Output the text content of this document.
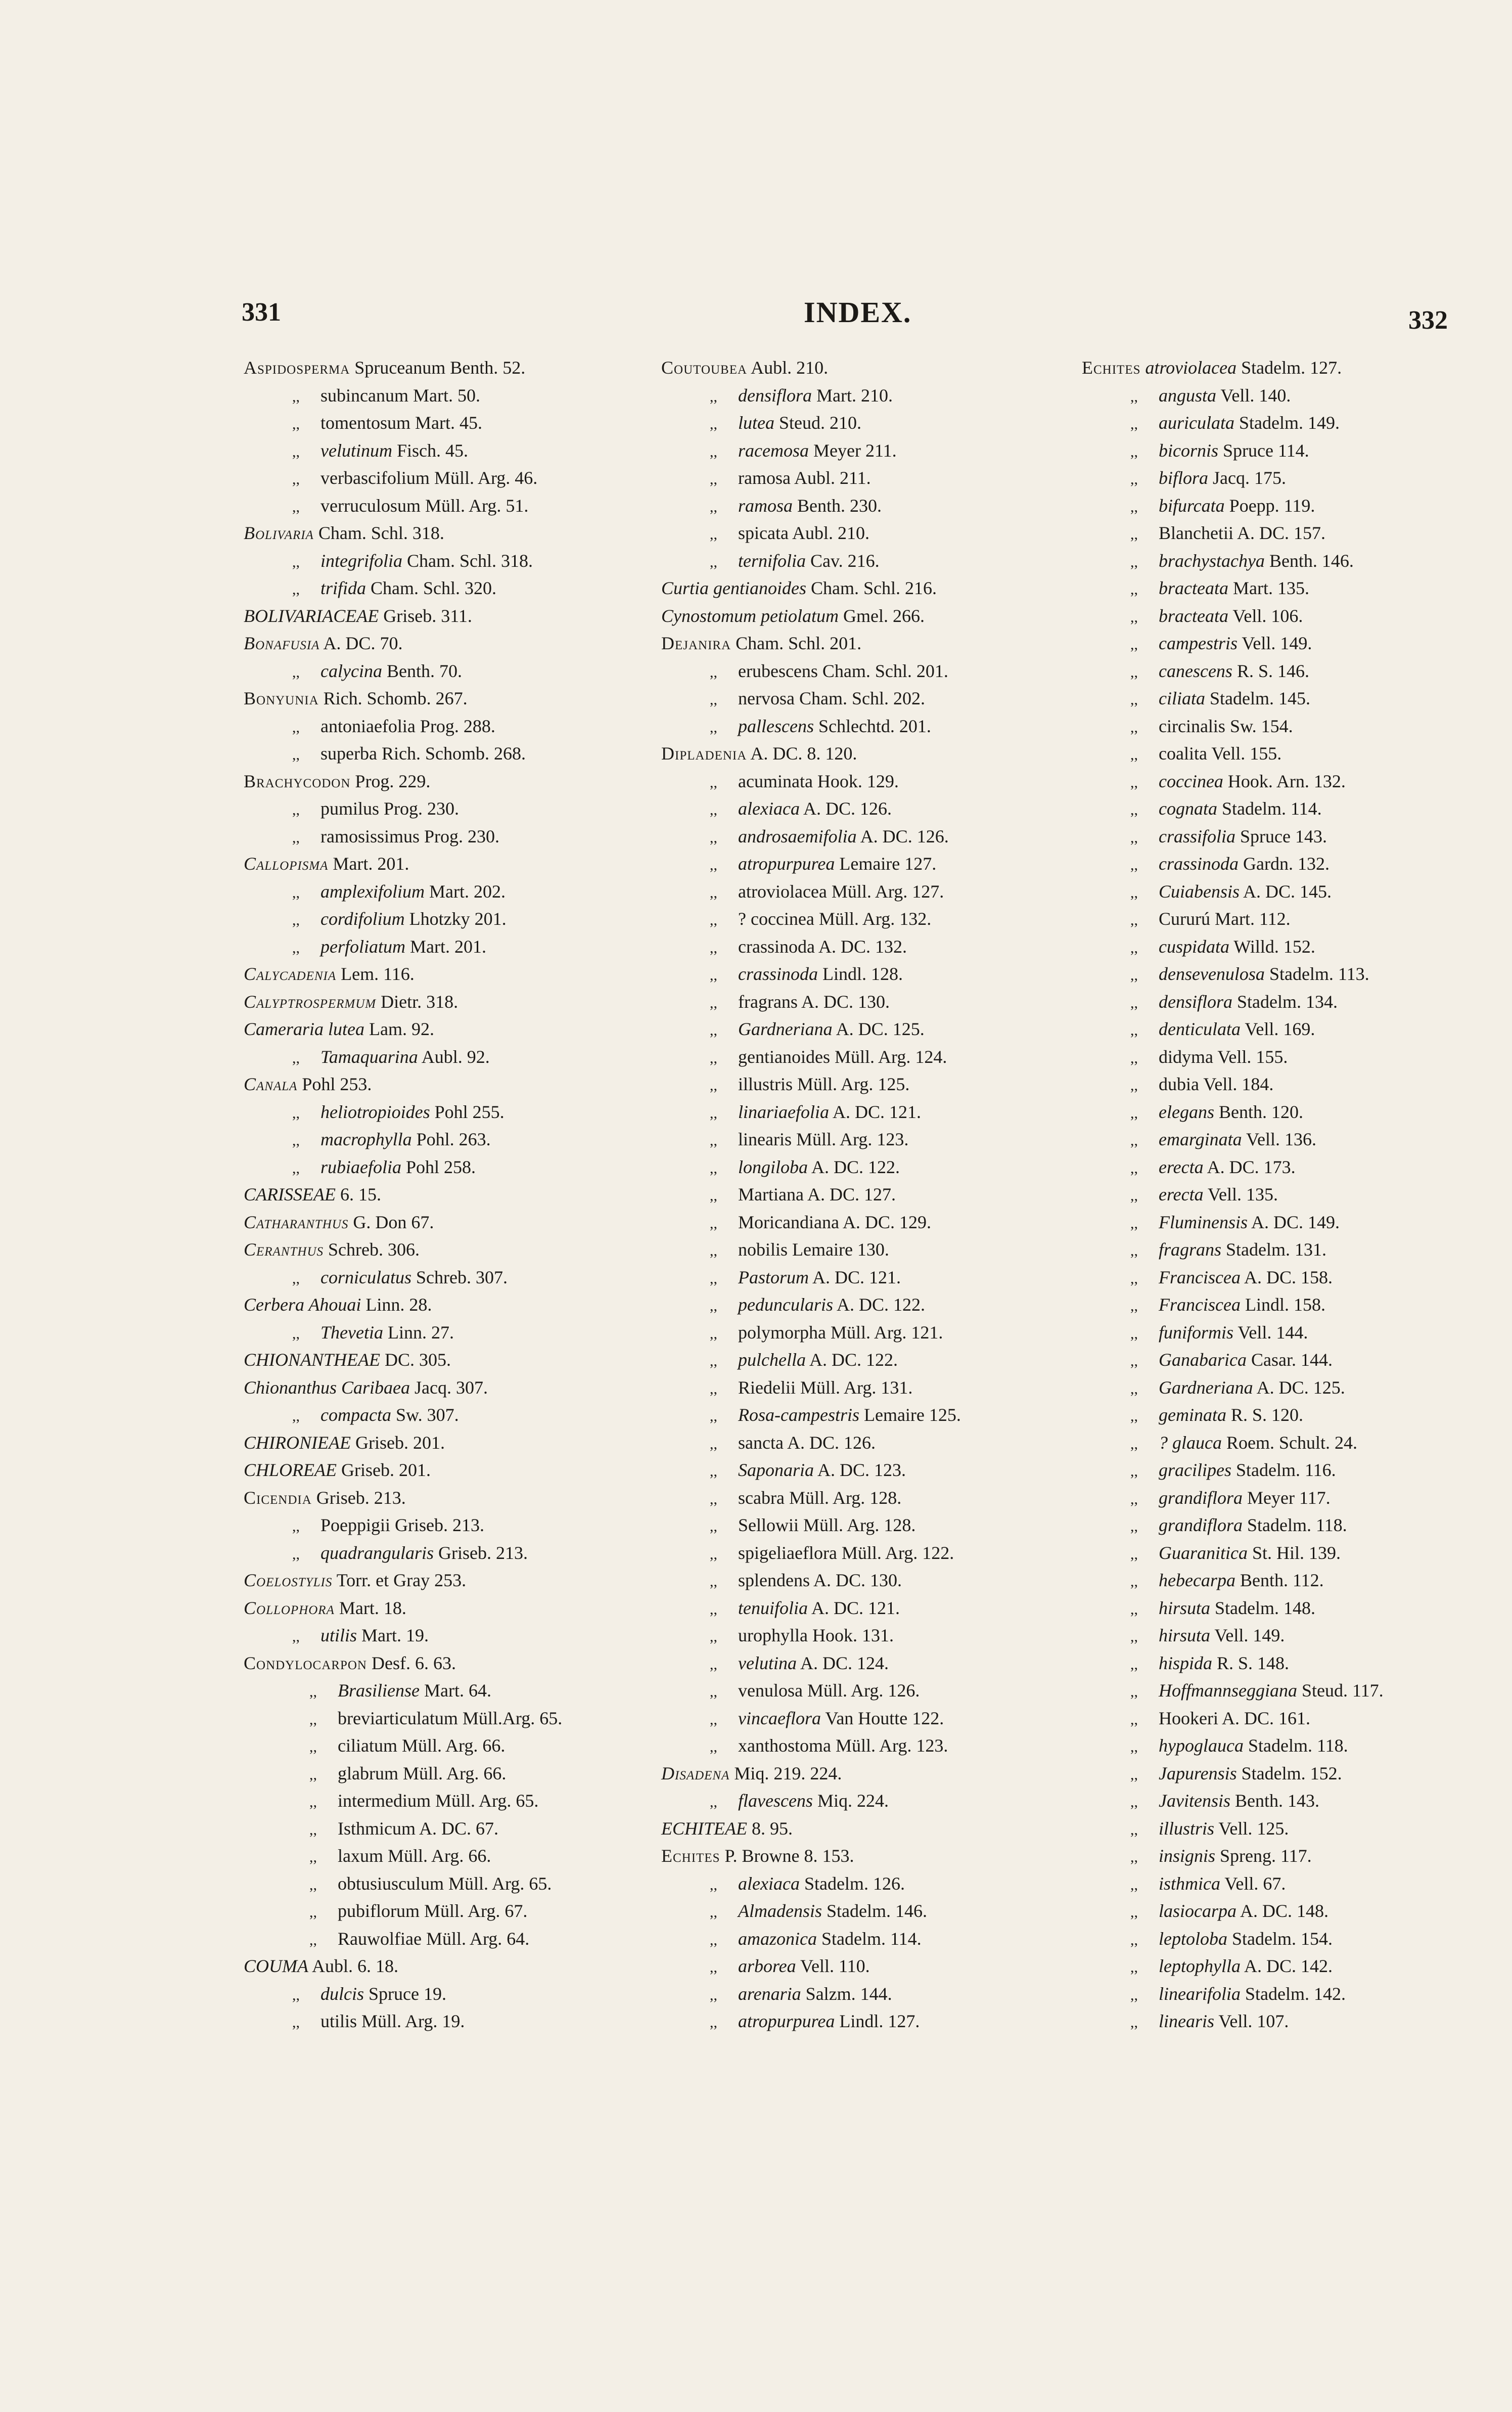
331	INDEX.	332
Aspidosperma Spruceanum Benth. 52.
,, subincanum Mart. 50.
,, tomentosum Mart. 45.
,, velutinum Fisch. 45.
,, verbascifolium Müll. Arg. 46.
,, verruculosum Müll. Arg. 51.
Bolivaria Cham. Schl. 318.
,, integrifolia Cham. Schl. 318.
,, trifida Cham. Schl. 320.
BOLIVARIACEAE Griseb. 311.
Bonafusia A. DC. 70.
,, calycina Benth. 70.
Bonyunia Rich. Schomb. 267.
,, antoniaefolia Prog. 288.
,, superba Rich. Schomb. 268.
Brachycodon Prog. 229.
,, pumilus Prog. 230.
,, ramosissimus Prog. 230.
Callopisma Mart. 201.
,, amplexifolium Mart. 202.
,, cordifolium Lhotzky 201.
,, perfoliatum Mart. 201.
Calycadenia Lem. 116.
Calyptrospermum Dietr. 318.
Cameraria lutea Lam. 92.
,, Tamaquarina Aubl. 92.
Canala Pohl 253.
,, heliotropioides Pohl 255.
,, macrophylla Pohl. 263.
,, rubiaefolia Pohl 258.
CARISSEAE 6. 15.
Catharanthus G. Don 67.
Ceranthus Schreb. 306.
,, corniculatus Schreb. 307.
Cerbera Ahouai Linn. 28.
,, Thevetia Linn. 27.
CHIONANTHEAE DC. 305.
Chionanthus Caribaea Jacq. 307.
,, compacta Sw. 307.
CHIRONIEAE Griseb. 201.
CHLOREAE Griseb. 201.
Cicendia Griseb. 213.
,, Poeppigii Griseb. 213.
,, quadrangularis Griseb. 213.
Coelostylis Torr. et Gray 253.
Collophora Mart. 18.
,, utilis Mart. 19.
Condylocarpon Desf. 6. 63.
,, Brasiliense Mart. 64.
,, breviarticulatum Müll.Arg. 65.
,, ciliatum Müll. Arg. 66.
,, glabrum Müll. Arg. 66.
,, intermedium Müll. Arg. 65.
,, Isthmicum A. DC. 67.
,, laxum Müll. Arg. 66.
,, obtusiusculum Müll. Arg. 65.
,, pubiflorum Müll. Arg. 67.
,, Rauwolfiae Müll. Arg. 64.
COUMA Aubl. 6. 18.
,, dulcis Spruce 19.
,, utilis Müll. Arg. 19.
Coutoubea Aubl. 210.
,, densiflora Mart. 210.
,, lutea Steud. 210.
,, racemosa Meyer 211.
,, ramosa Aubl. 211.
,, ramosa Benth. 230.
,, spicata Aubl. 210.
,, ternifolia Cav. 216.
Curtia gentianoides Cham. Schl. 216.
Cynostomum petiolatum Gmel. 266.
Dejanira Cham. Schl. 201.
,, erubescens Cham. Schl. 201.
,, nervosa Cham. Schl. 202.
,, pallescens Schlechtd. 201.
Dipladenia A. DC. 8. 120.
,, acuminata Hook. 129.
,, alexiaca A. DC. 126.
,, androsaemifolia A. DC. 126.
,, atropurpurea Lemaire 127.
,, atroviolacea Müll. Arg. 127.
,, ? coccinea Müll. Arg. 132.
,, crassinoda A. DC. 132.
,, crassinoda Lindl. 128.
,, fragrans A. DC. 130.
,, Gardneriana A. DC. 125.
,, gentianoides Müll. Arg. 124.
,, illustris Müll. Arg. 125.
,, linariaefolia A. DC. 121.
,, linearis Müll. Arg. 123.
,, longiloba A. DC. 122.
,, Martiana A. DC. 127.
,, Moricandiana A. DC. 129.
,, nobilis Lemaire 130.
,, Pastorum A. DC. 121.
,, peduncularis A. DC. 122.
,, polymorpha Müll. Arg. 121.
,, pulchella A. DC. 122.
,, Riedelii Müll. Arg. 131.
,, Rosa-campestris Lemaire 125.
,, sancta A. DC. 126.
,, Saponaria A. DC. 123.
,, scabra Müll. Arg. 128.
,, Sellowii Müll. Arg. 128.
,, spigeliaeflora Müll. Arg. 122.
,, splendens A. DC. 130.
,, tenuifolia A. DC. 121.
,, urophylla Hook. 131.
,, velutina A. DC. 124.
,, venulosa Müll. Arg. 126.
,, vincaeflora Van Houtte 122.
,, xanthostoma Müll. Arg. 123.
Disadena Miq. 219. 224.
,, flavescens Miq. 224.
ECHITEAE 8. 95.
Echites P. Browne 8. 153.
,, alexiaca Stadelm. 126.
,, Almadensis Stadelm. 146.
,, amazonica Stadelm. 114.
,, arborea Vell. 110.
,, arenaria Salzm. 144.
,, atropurpurea Lindl. 127.
Echites atroviolacea Stadelm. 127.
,, angusta Vell. 140.
,, auriculata Stadelm. 149.
,, bicornis Spruce 114.
,, biflora Jacq. 175.
,, bifurcata Poepp. 119.
,, Blanchetii A. DC. 157.
,, brachystachya Benth. 146.
,, bracteata Mart. 135.
,, bracteata Vell. 106.
,, campestris Vell. 149.
,, canescens R. S. 146.
,, ciliata Stadelm. 145.
,, circinalis Sw. 154.
,, coalita Vell. 155.
,, coccinea Hook. Arn. 132.
,, cognata Stadelm. 114.
,, crassifolia Spruce 143.
,, crassinoda Gardn. 132.
,, Cuiabensis A. DC. 145.
,, Cururú Mart. 112.
,, cuspidata Willd. 152.
,, densevenulosa Stadelm. 113.
,, densiflora Stadelm. 134.
,, denticulata Vell. 169.
,, didyma Vell. 155.
,, dubia Vell. 184.
,, elegans Benth. 120.
,, emarginata Vell. 136.
,, erecta A. DC. 173.
,, erecta Vell. 135.
,, Fluminensis A. DC. 149.
,, fragrans Stadelm. 131.
,, Franciscea A. DC. 158.
,, Franciscea Lindl. 158.
,, funiformis Vell. 144.
,, Ganabarica Casar. 144.
,, Gardneriana A. DC. 125.
,, geminata R. S. 120.
,, ? glauca Roem. Schult. 24.
,, gracilipes Stadelm. 116.
,, grandiflora Meyer 117.
,, grandiflora Stadelm. 118.
,, Guaranitica St. Hil. 139.
,, hebecarpa Benth. 112.
,, hirsuta Stadelm. 148.
,, hirsuta Vell. 149.
,, hispida R. S. 148.
,, Hoffmannseggiana Steud. 117.
,, Hookeri A. DC. 161.
,, hypoglauca Stadelm. 118.
,, Japurensis Stadelm. 152.
,, Javitensis Benth. 143.
,, illustris Vell. 125.
,, insignis Spreng. 117.
,, isthmica Vell. 67.
,, lasiocarpa A. DC. 148.
,, leptoloba Stadelm. 154.
,, leptophylla A. DC. 142.
,, linearifolia Stadelm. 142.
,, linearis Vell. 107.
